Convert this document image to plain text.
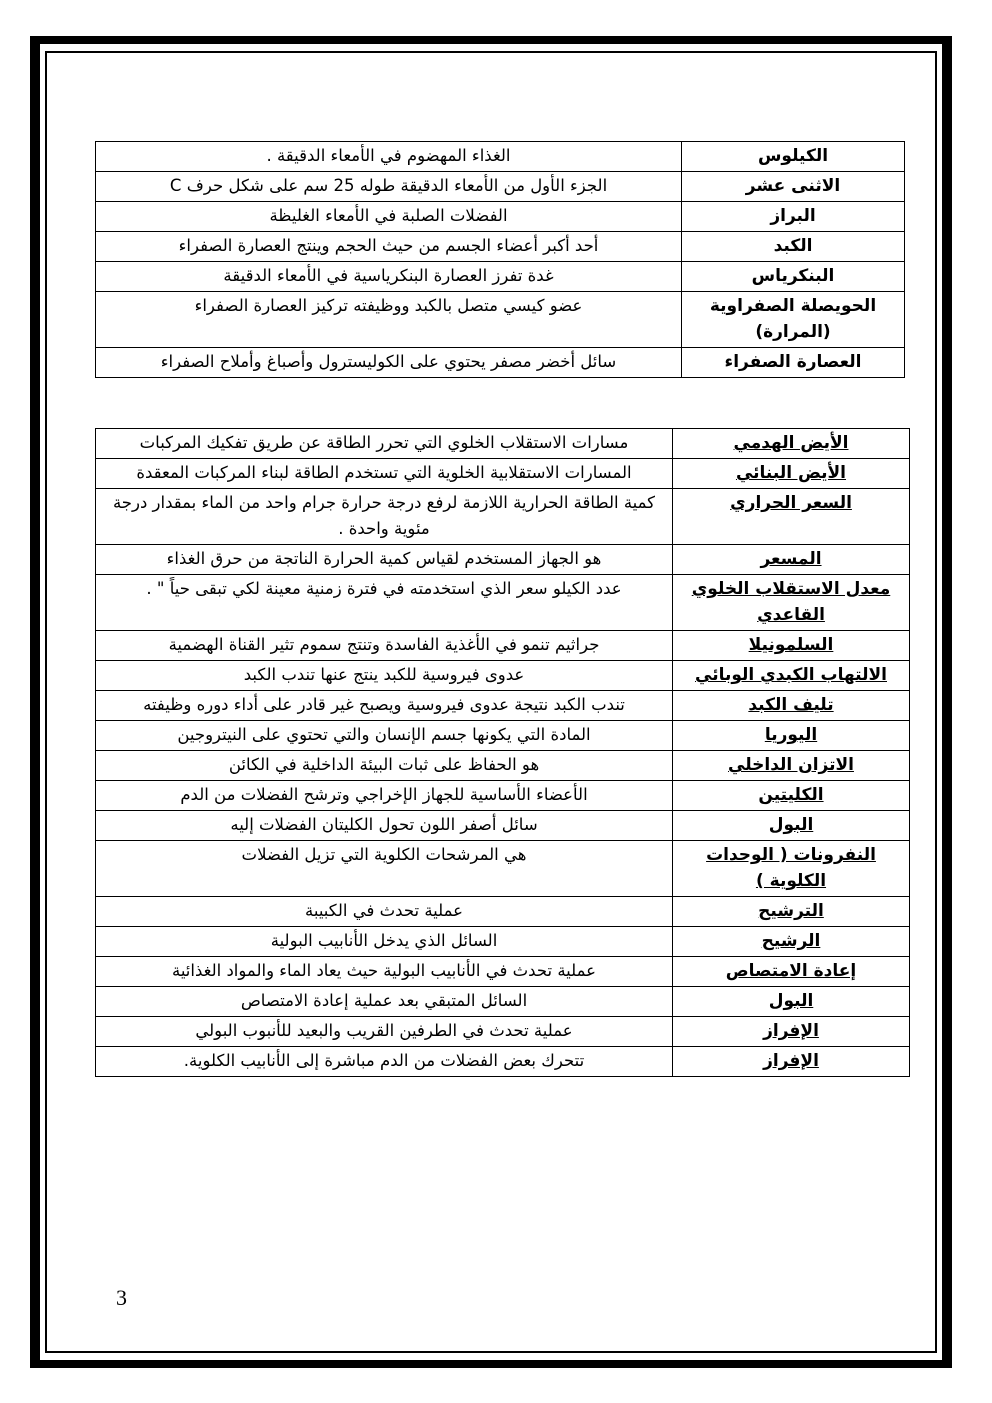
الكيلوس	الغذاء المهضوم في الأمعاء الدقيقة .
الاثنى عشر	الجزء الأول من الأمعاء الدقيقة طوله 25 سم على شكل حرف C
البراز	الفضلات الصلبة في الأمعاء الغليظة
الكبد	أحد أكبر أعضاء الجسم من حيث الحجم وينتج العصارة الصفراء
البنكرياس	غدة تفرز العصارة البنكرياسية في الأمعاء الدقيقة
الحويصلة الصفراوية (المرارة)	عضو كيسي متصل بالكبد ووظيفته تركيز العصارة الصفراء
العصارة الصفراء	سائل أخضر مصفر يحتوي على الكوليسترول وأصباغ وأملاح الصفراء
الأيض الهدمي	مسارات الاستقلاب الخلوي التي تحرر الطاقة عن طريق تفكيك المركبات
الأيض البنائي	المسارات الاستقلابية الخلوية التي تستخدم الطاقة لبناء المركبات المعقدة
السعر الحراري	كمية الطاقة الحرارية اللازمة لرفع درجة حرارة جرام واحد من الماء بمقدار درجة مئوية واحدة .
المسعر	هو الجهاز المستخدم لقياس كمية الحرارة الناتجة من حرق الغذاء
معدل الاستقلاب الخلوي القاعدي	عدد الكيلو سعر الذي استخدمته في فترة زمنية معينة لكي تبقى حياً " .
السلمونيلا	جراثيم تنمو في الأغذية الفاسدة وتنتج سموم تثير القناة الهضمية
الالتهاب الكبدي الوبائي	عدوى فيروسية للكبد ينتج عنها تندب الكبد
تليف الكبد	تندب الكبد نتيجة عدوى فيروسية ويصبح غير قادر على أداء دوره وظيفته
اليوريا	المادة التي يكونها جسم الإنسان والتي تحتوي على النيتروجين
الاتزان الداخلي	هو الحفاظ على ثبات البيئة الداخلية في الكائن
الكليتين	الأعضاء الأساسية للجهاز الإخراجي وترشح الفضلات من الدم
البول	سائل أصفر اللون تحول الكليتان الفضلات إليه
النفرونات ( الوحدات الكلوية )	هي المرشحات الكلوية التي تزيل الفضلات
الترشيح	عملية تحدث في الكبيبة
الرشيح	السائل الذي يدخل الأنابيب البولية
إعادة الامتصاص	عملية تحدث في الأنابيب البولية حيث يعاد الماء والمواد الغذائية
البول	السائل المتبقي بعد عملية إعادة الامتصاص
الإفراز	عملية تحدث في الطرفين القريب والبعيد للأنبوب البولي
الإفراز	تتحرك بعض الفضلات من الدم مباشرة إلى الأنابيب الكلوية.
3
